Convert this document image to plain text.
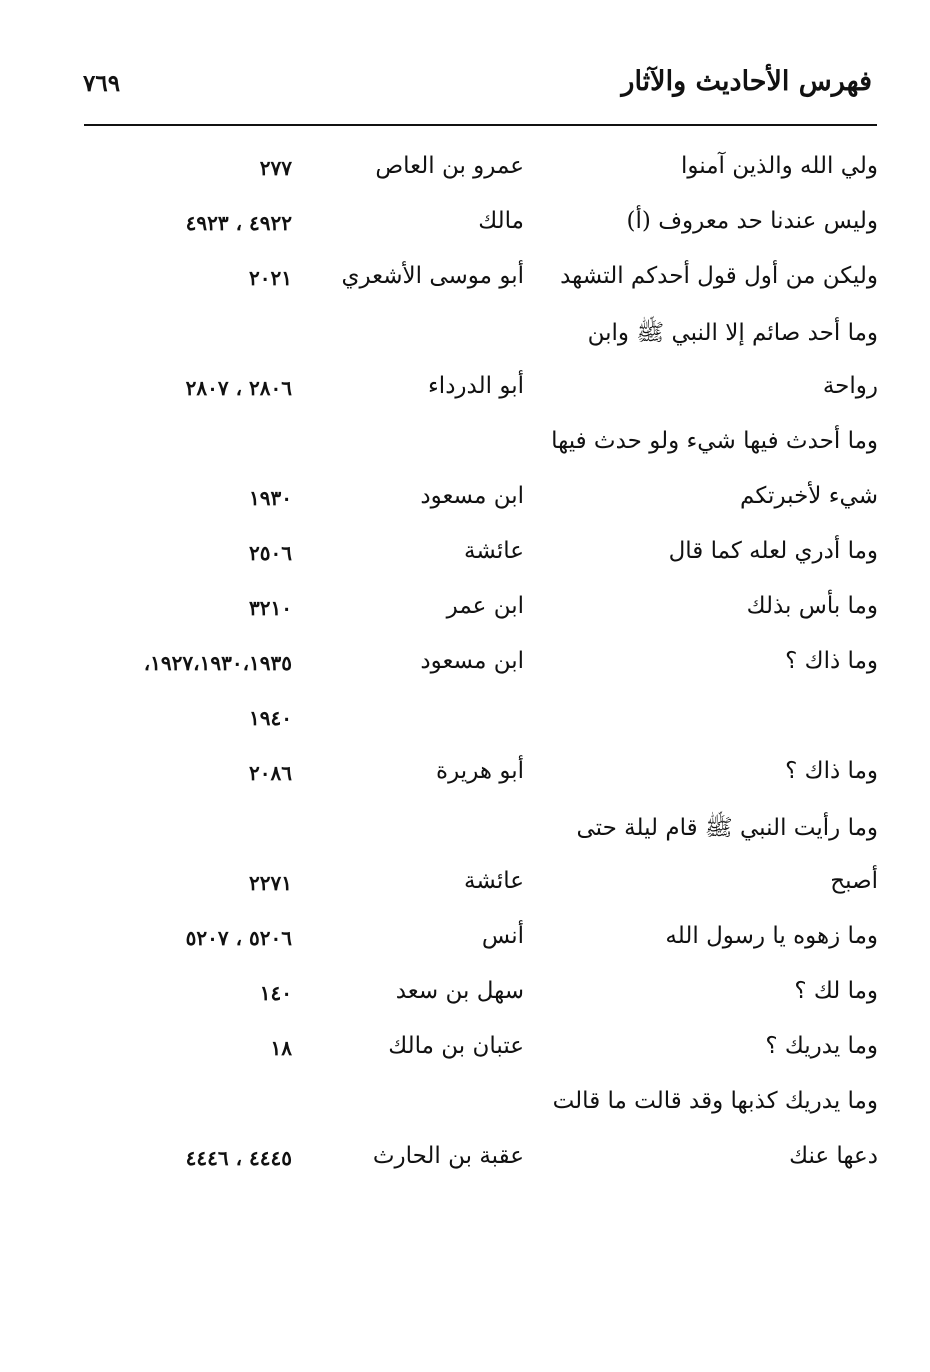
فهرس الأحاديث والآثار
٧٦٩
ولي الله والذين آمنوا
عمرو بن العاص
٢٧٧
وليس عندنا حد معروف (أ)
مالك
٤٩٢٢ ، ٤٩٢٣
وليكن من أول قول أحدكم التشهد
أبو موسى الأشعري
٢٠٢١
وما أحد صائم إلا النبي ﷺ وابن
رواحة
أبو الدرداء
٢٨٠٦ ، ٢٨٠٧
وما أحدث فيها شيء ولو حدث فيها
شيء لأخبرتكم
ابن مسعود
١٩٣٠
وما أدري لعله كما قال
عائشة
٢٥٠٦
وما بأس بذلك
ابن عمر
٣٢١٠
وما ذاك ؟
ابن مسعود
١٩٢٧،١٩٣٠،١٩٣٥،
١٩٤٠
وما ذاك ؟
أبو هريرة
٢٠٨٦
وما رأيت النبي ﷺ قام ليلة حتى
أصبح
عائشة
٢٢٧١
وما زهوه يا رسول الله
أنس
٥٢٠٦ ، ٥٢٠٧
وما لك ؟
سهل بن سعد
١٤٠
وما يدريك ؟
عتبان بن مالك
١٨
وما يدريك كذبها وقد قالت ما قالت
دعها عنك
عقبة بن الحارث
٤٤٤٥ ، ٤٤٤٦
